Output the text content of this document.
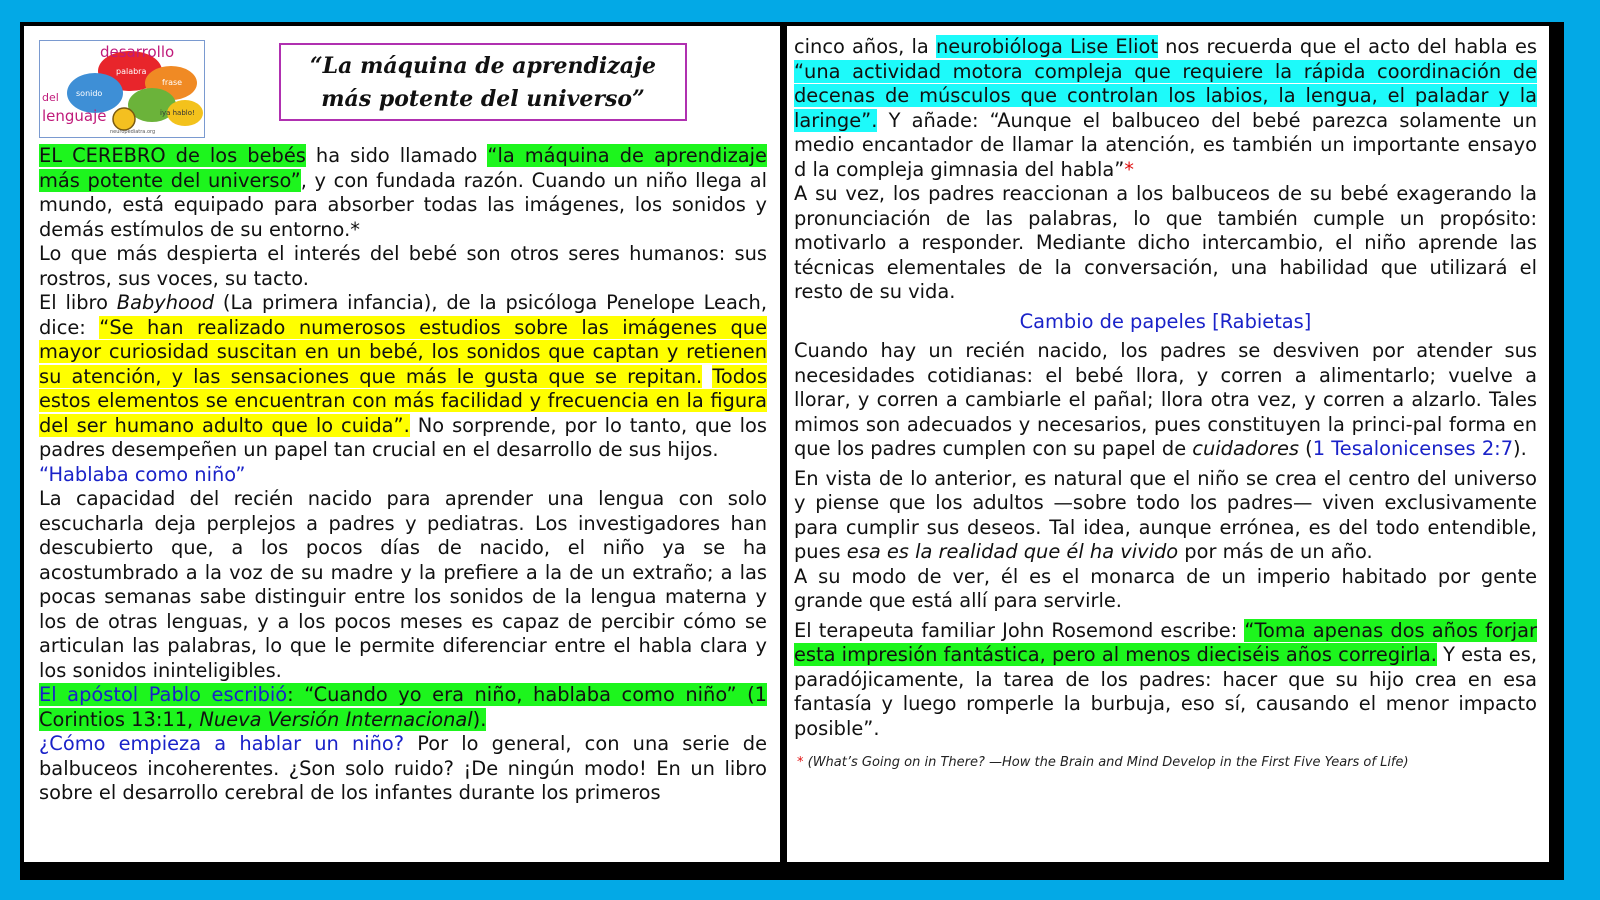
desarrollo
palabra
frase
sonido
del
lenguaje	iya hablo!
neuropediatra.org
“La máquina de aprendizaje
más potente del universo”

EL CEREBRO de los bebés ha sido llamado “la máquina de aprendizaje más potente del universo”, y con fundada razón. Cuando un niño llega al mundo, está equipado para absorber todas las imágenes, los sonidos y demás estímulos de su entorno.*

Lo que más despierta el interés del bebé son otros seres humanos: sus rostros, sus voces, su tacto.

El libro Babyhood (La primera infancia), de la psicóloga Penelope Leach, dice: “Se han realizado numerosos estudios sobre las imágenes que mayor curiosidad suscitan en un bebé, los sonidos que captan y retienen su atención, y las sensaciones que más le gusta que se repitan. Todos estos elementos se encuentran con más facilidad y frecuencia en la figura del ser humano adulto que lo cuida”. No sorprende, por lo tanto, que los padres desempeñen un papel tan crucial en el desarrollo de sus hijos.

“Hablaba como niño”

La capacidad del recién nacido para aprender una lengua con solo escucharla deja perplejos a padres y pediatras. Los investigadores han descubierto que, a los pocos días de nacido, el niño ya se ha acostumbrado a la voz de su madre y la prefiere a la de un extraño; a las pocas semanas sabe distinguir entre los sonidos de la lengua materna y los de otras lenguas, y a los pocos meses es capaz de percibir cómo se articulan las palabras, lo que le permite diferenciar entre el habla clara y los sonidos ininteligibles.

El apóstol Pablo escribió: “Cuando yo era niño, hablaba como niño” (1 Corintios 13:11, Nueva Versión Internacional).

¿Cómo empieza a hablar un niño? Por lo general, con una serie de balbuceos incoherentes. ¿Son solo ruido? ¡De ningún modo! En un libro sobre el desarrollo cerebral de los infantes durante los primeros

cinco años, la neurobióloga Lise Eliot nos recuerda que el acto del habla es “una actividad motora compleja que requiere la rápida coordinación de decenas de músculos que controlan los labios, la lengua, el paladar y la laringe”. Y añade: “Aunque el balbuceo del bebé parezca solamente un medio encantador de llamar la atención, es también un importante ensayo d la compleja gimnasia del habla”*

A su vez, los padres reaccionan a los balbuceos de su bebé exagerando la pronunciación de las palabras, lo que también cumple un propósito: motivarlo a responder. Mediante dicho intercambio, el niño aprende las técnicas elementales de la conversación, una habilidad que utilizará el resto de su vida.

Cambio de papeles [Rabietas]

Cuando hay un recién nacido, los padres se desviven por atender sus necesidades cotidianas: el bebé llora, y corren a alimentarlo; vuelve a llorar, y corren a cambiarle el pañal; llora otra vez, y corren a alzarlo. Tales mimos son adecuados y necesarios, pues constituyen la princi-pal forma en que los padres cumplen con su papel de cuidadores (1 Tesalonicenses 2:7).

En vista de lo anterior, es natural que el niño se crea el centro del universo y piense que los adultos —sobre todo los padres— viven exclusivamente para cumplir sus deseos. Tal idea, aunque errónea, es del todo entendible, pues esa es la realidad que él ha vivido por más de un año.

A su modo de ver, él es el monarca de un imperio habitado por gente grande que está allí para servirle.

El terapeuta familiar John Rosemond escribe: “Toma apenas dos años forjar esta impresión fantástica, pero al menos dieciséis años corregirla. Y esta es, paradójicamente, la tarea de los padres: hacer que su hijo crea en esa fantasía y luego romperle la burbuja, eso sí, causando el menor impacto posible”.

* (What’s Going on in There? —How the Brain and Mind Develop in the First Five Years of Life)
